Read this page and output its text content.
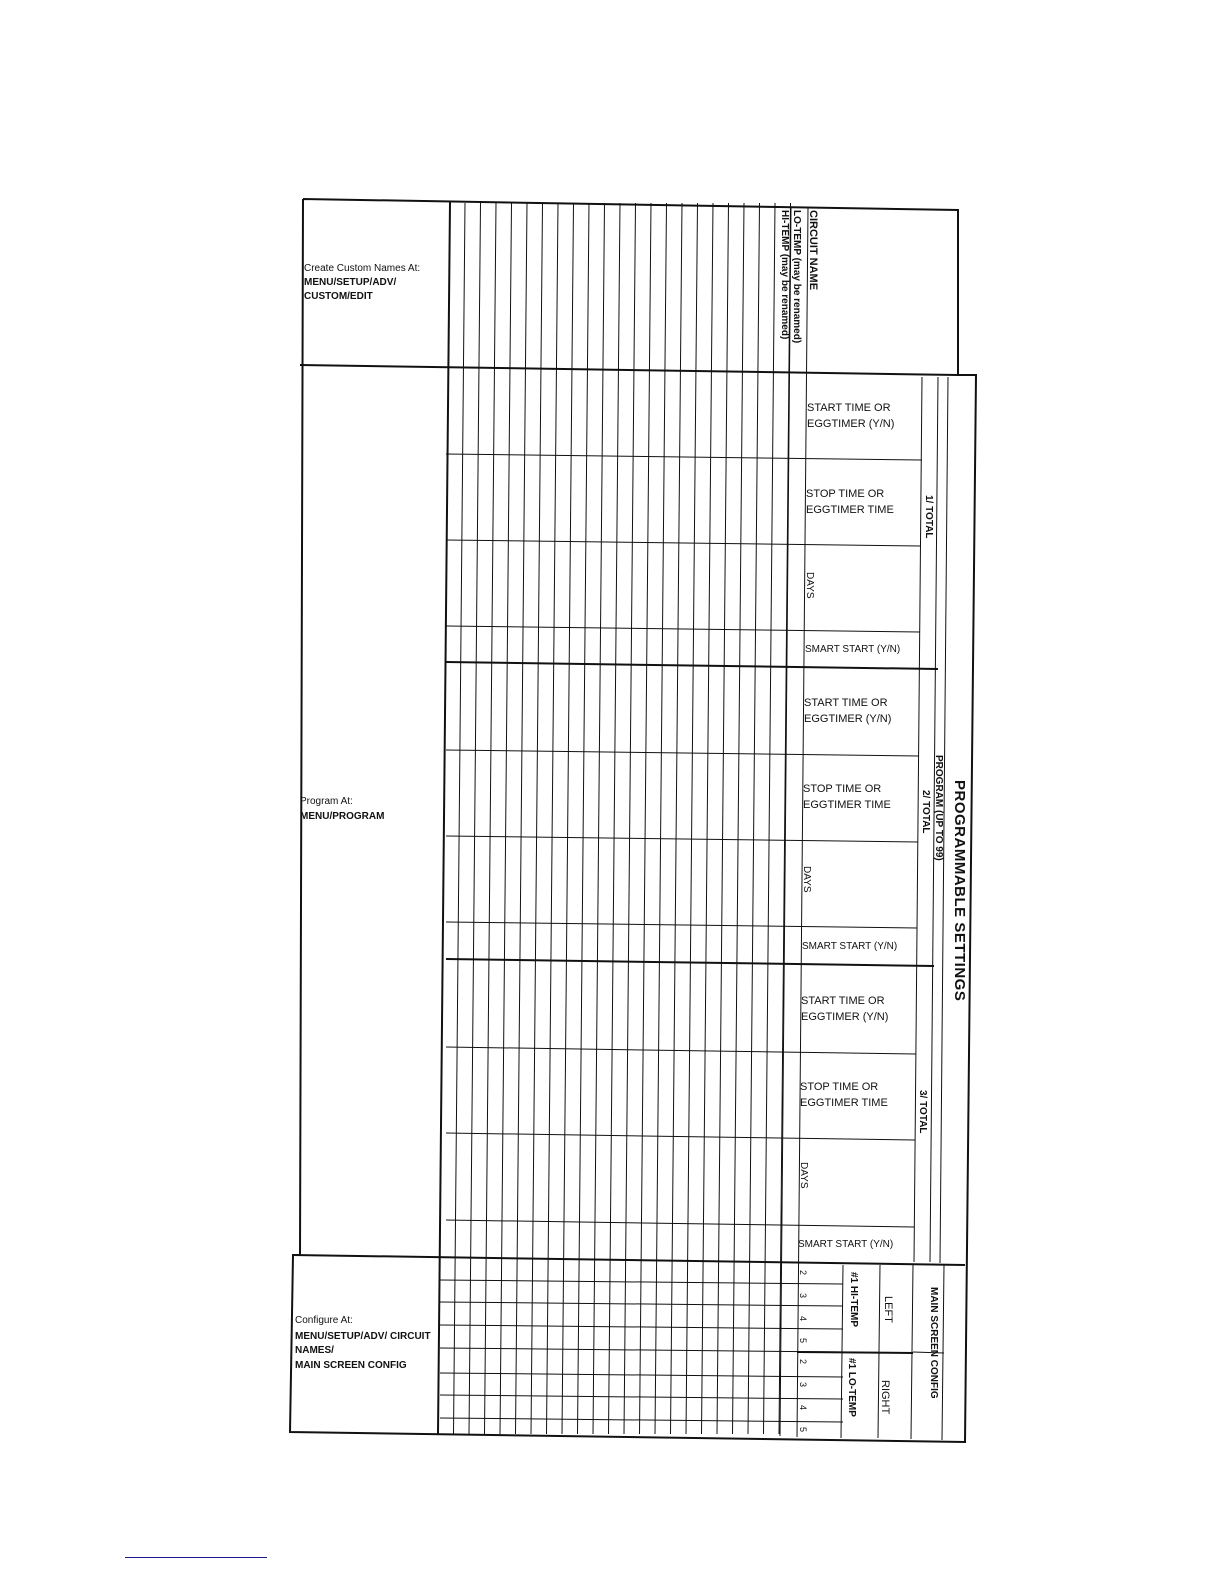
PROGRAMMABLE SETTINGS
PROGRAM (UP TO 99)
CIRCUIT NAME
LO-TEMP (may be renamed)
HI-TEMP (may be renamed)
START TIME OR
EGGTIMER (Y/N)
STOP TIME OR
EGGTIMER TIME
DAYS
SMART START (Y/N)
1/ TOTAL
START TIME OR
EGGTIMER (Y/N)
STOP TIME OR
EGGTIMER TIME
DAYS
SMART START (Y/N)
2/ TOTAL
START TIME OR
EGGTIMER (Y/N)
STOP TIME OR
EGGTIMER TIME
DAYS
SMART START (Y/N)
3/ TOTAL
MAIN SCREEN CONFIG
LEFT
RIGHT
#1 HI-TEMP
#1 LO-TEMP
2
3
4
5
2
3
4
5
Create Custom Names At:
MENU/SETUP/ADV/
CUSTOM/EDIT
Program At:
MENU/PROGRAM
Configure At:
MENU/SETUP/ADV/ CIRCUIT
NAMES/
MAIN SCREEN CONFIG
